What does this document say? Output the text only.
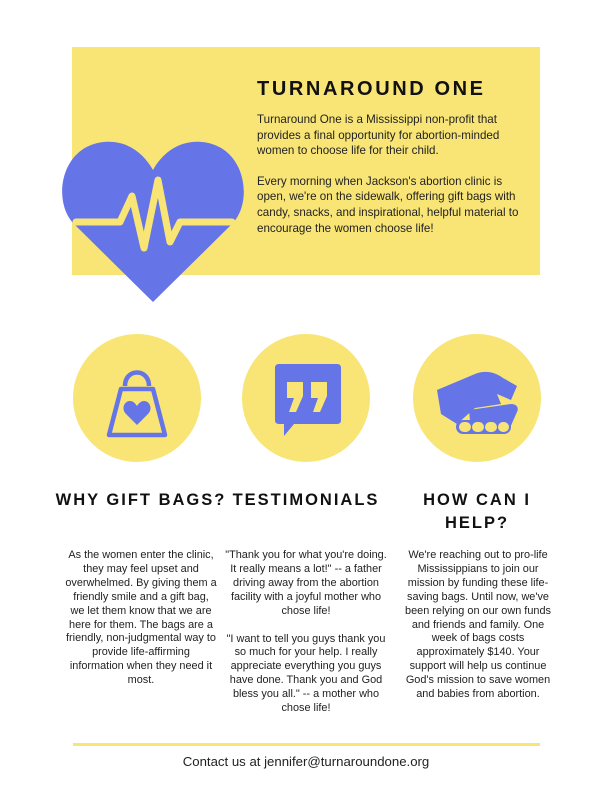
TURNAROUND ONE

Turnaround One is a Mississippi non-profit that provides a final opportunity for abortion-minded women to choose life for their child.

Every morning when Jackson's abortion clinic is open, we're on the sidewalk, offering gift bags with candy, snacks, and inspirational, helpful material to encourage the women choose life!

WHY GIFT BAGS? TESTIMONIALS	HOW CAN I HELP?

As the women enter the clinic, they may feel upset and overwhelmed. By giving them a friendly smile and a gift bag, we let them know that we are here for them. The bags are a friendly, non-judgmental way to provide life-affirming information when they need it most.

"Thank you for what you're doing. It really means a lot!" -- a father driving away from the abortion facility with a joyful mother who chose life!

"I want to tell you guys thank you so much for your help. I really appreciate everything you guys have done. Thank you and God bless you all." -- a mother who chose life!

We're reaching out to pro-life Mississippians to join our mission by funding these life-saving bags. Until now, we've been relying on our own funds and friends and family. One week of bags costs approximately $140. Your support will help us continue God's mission to save women and babies from abortion.

Contact us at jennifer@turnaroundone.org
